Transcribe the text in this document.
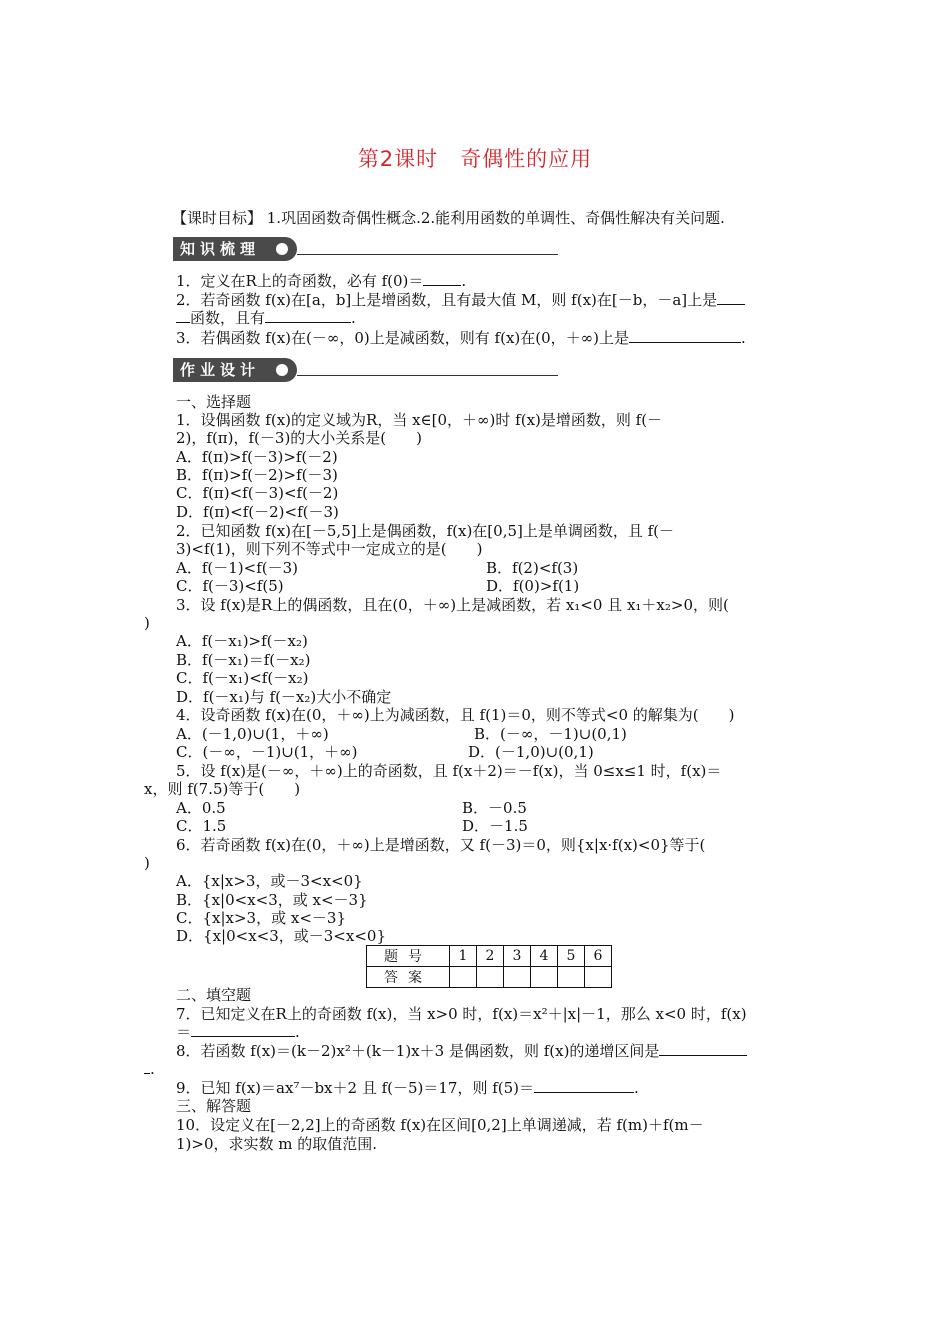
第2课时 奇偶性的应用
【课时目标】 1.巩固函数奇偶性概念.2.能利用函数的单调性、奇偶性解决有关问题.
知识梳理
1．定义在R上的奇函数，必有 f(0)＝	.
2．若奇函数 f(x)在[a，b]上是增函数，且有最大值 M，则 f(x)在[－b，－a]上是
函数，且有	.
3．若偶函数 f(x)在(－∞，0)上是减函数，则有 f(x)在(0，＋∞)上是	.
作业设计
一、选择题
1．设偶函数 f(x)的定义域为R，当 x∈[0，＋∞)时 f(x)是增函数，则 f(－
2)，f(π)，f(－3)的大小关系是(　　)
A．f(π)>f(－3)>f(－2)
B．f(π)>f(－2)>f(－3)
C．f(π)<f(－3)<f(－2)
D．f(π)<f(－2)<f(－3)
2．已知函数 f(x)在[－5,5]上是偶函数，f(x)在[0,5]上是单调函数，且 f(－
3)<f(1)，则下列不等式中一定成立的是(　　)
A．f(－1)<f(－3)	B．f(2)<f(3)
C．f(－3)<f(5)	D．f(0)>f(1)
3．设 f(x)是R上的偶函数，且在(0，＋∞)上是减函数，若 x₁<0 且 x₁＋x₂>0，则(
)
A．f(－x₁)>f(－x₂)
B．f(－x₁)＝f(－x₂)
C．f(－x₁)<f(－x₂)
D．f(－x₁)与 f(－x₂)大小不确定
4．设奇函数 f(x)在(0，＋∞)上为减函数，且 f(1)＝0，则不等式<0 的解集为(　　)
A．(－1,0)∪(1，＋∞)	B．(－∞，－1)∪(0,1)
C．(－∞，－1)∪(1，＋∞)	D．(－1,0)∪(0,1)
5．设 f(x)是(－∞，＋∞)上的奇函数，且 f(x＋2)＝－f(x)，当 0≤x≤1 时，f(x)＝
x，则 f(7.5)等于(　　)
A．0.5	B．－0.5
C．1.5	D．－1.5
6．若奇函数 f(x)在(0，＋∞)上是增函数，又 f(－3)＝0，则{x|x·f(x)<0}等于(
)
A．{x|x>3，或－3<x<0}
B．{x|0<x<3，或 x<－3}
C．{x|x>3，或 x<－3}
D．{x|0<x<3，或－3<x<0}
题号	1	2	3	4	5	6
答案						
二、填空题
7．已知定义在R上的奇函数 f(x)，当 x>0 时，f(x)＝x²＋|x|－1，那么 x<0 时，f(x)
＝	.
8．若函数 f(x)＝(k－2)x²＋(k－1)x＋3 是偶函数，则 f(x)的递增区间是
.
9．已知 f(x)＝ax⁷－bx＋2 且 f(－5)＝17，则 f(5)＝	.
三、解答题
10．设定义在[－2,2]上的奇函数 f(x)在区间[0,2]上单调递减，若 f(m)＋f(m－
1)>0，求实数 m 的取值范围.
